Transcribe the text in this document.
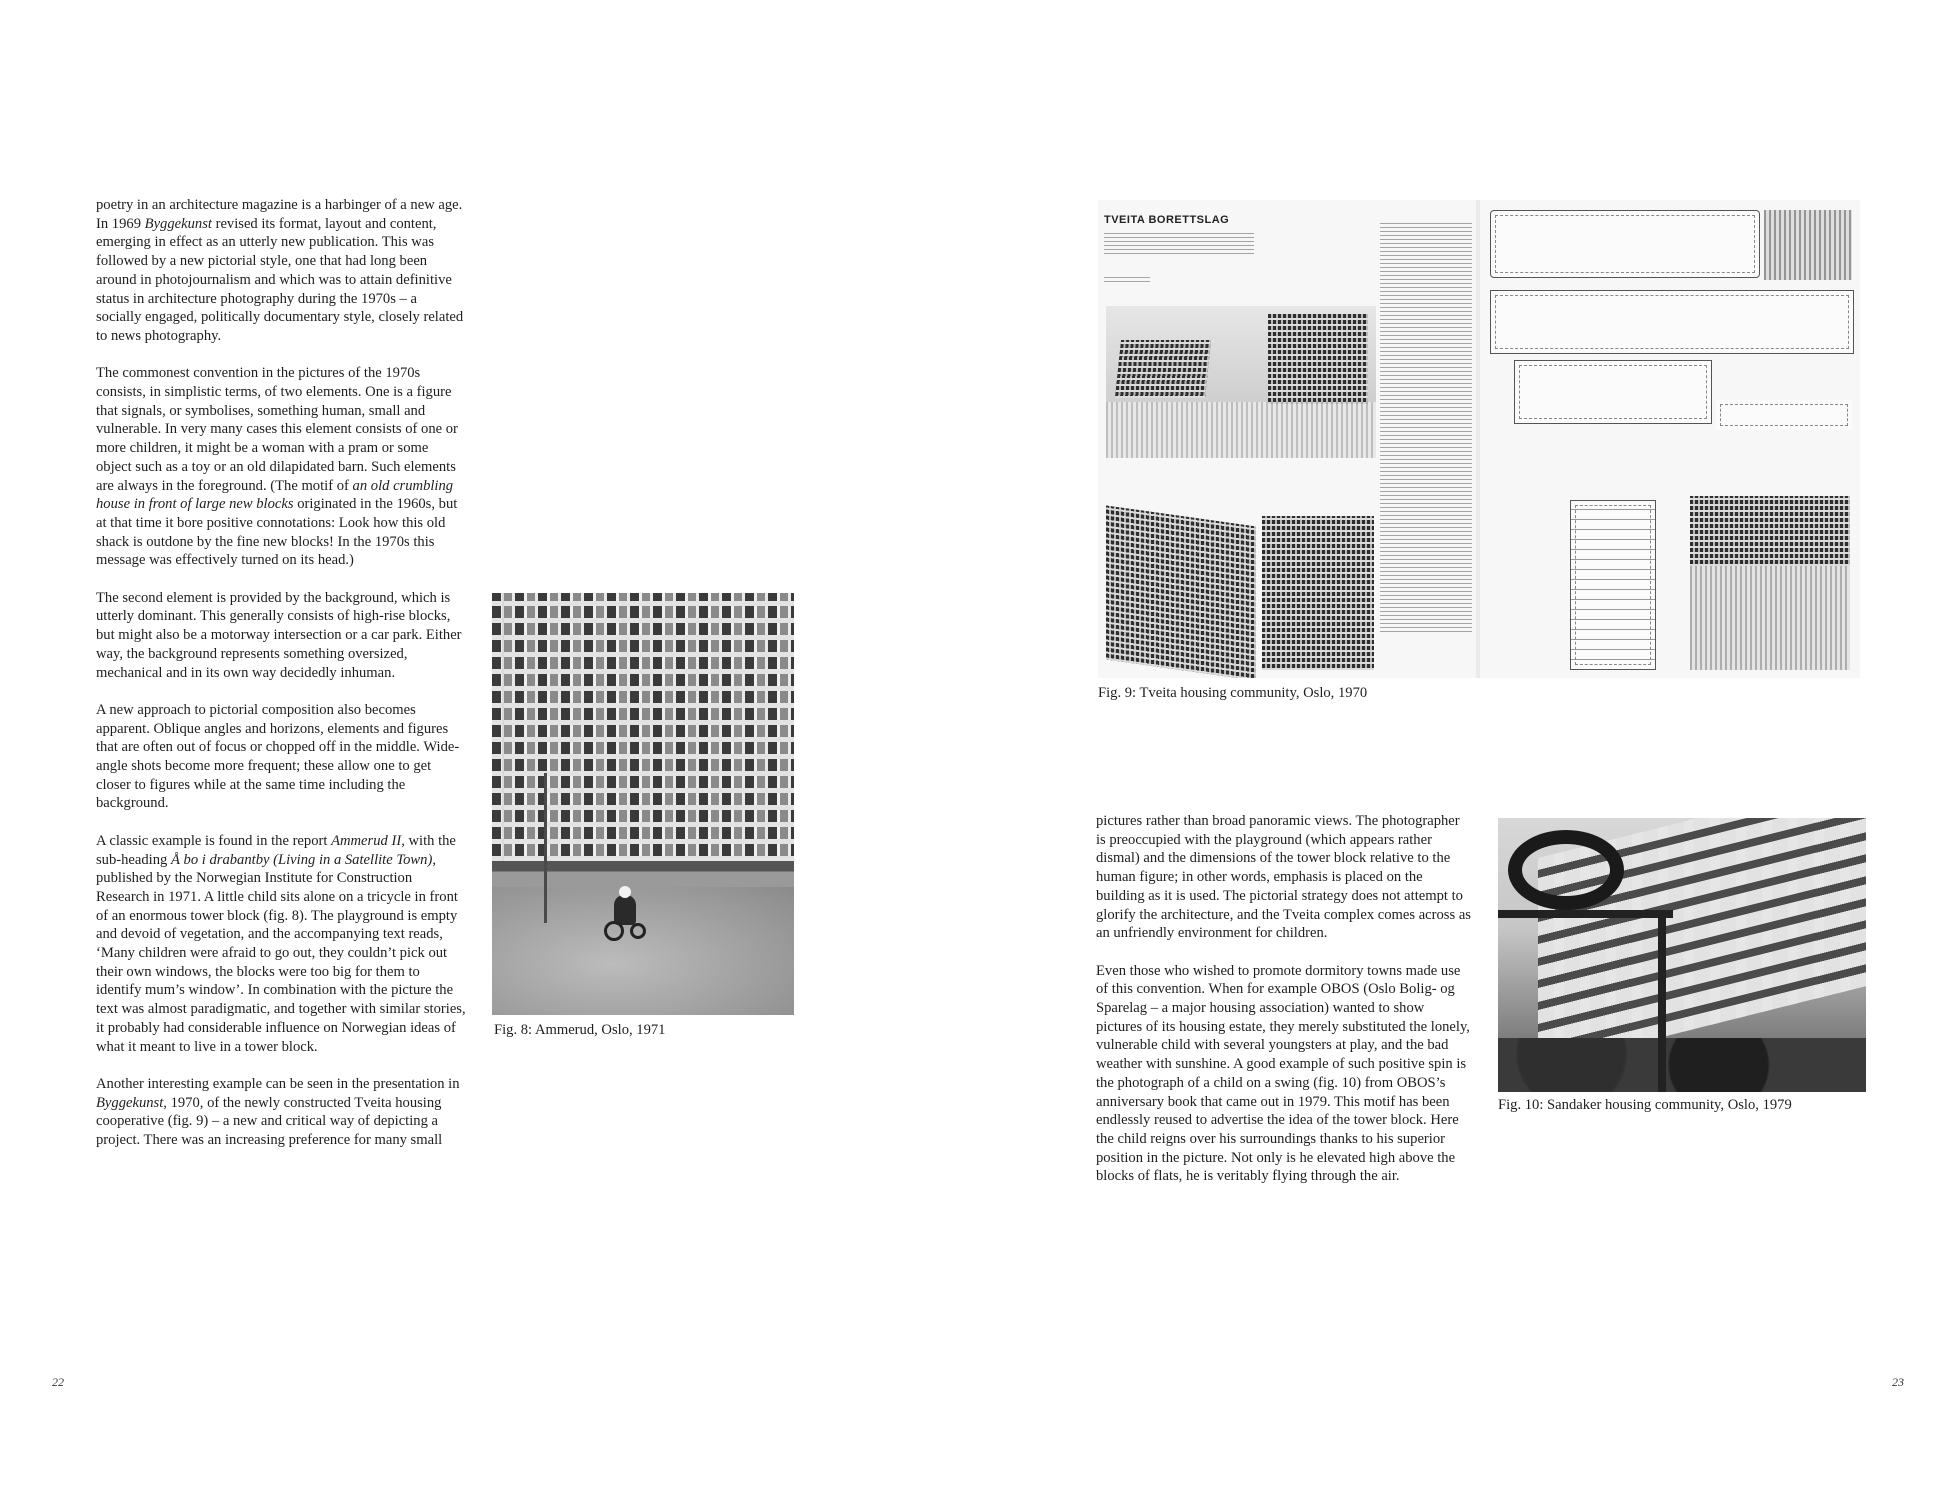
poetry in an architecture magazine is a harbinger of a new age. In 1969 Byggekunst revised its format, layout and content, emerging in effect as an utterly new publication. This was followed by a new pictorial style, one that had long been around in photojournalism and which was to attain definitive status in architecture photography during the 1970s – a socially engaged, politically documentary style, closely related to news photography.

The commonest convention in the pictures of the 1970s consists, in simplistic terms, of two elements. One is a figure that signals, or symbolises, something human, small and vulnerable. In very many cases this element consists of one or more children, it might be a woman with a pram or some object such as a toy or an old dilapidated barn. Such elements are always in the foreground. (The motif of an old crumbling house in front of large new blocks originated in the 1960s, but at that time it bore positive connotations: Look how this old shack is outdone by the fine new blocks! In the 1970s this message was effectively turned on its head.)

The second element is provided by the background, which is utterly dominant. This generally consists of high-rise blocks, but might also be a motorway intersection or a car park. Either way, the background represents something oversized, mechanical and in its own way decidedly inhuman.

A new approach to pictorial composition also becomes apparent. Oblique angles and horizons, elements and figures that are often out of focus or chopped off in the middle. Wide-angle shots become more frequent; these allow one to get closer to figures while at the same time including the background.

A classic example is found in the report Ammerud II, with the sub-heading Å bo i drabantby (Living in a Satellite Town), published by the Norwegian Institute for Construction Research in 1971. A little child sits alone on a tricycle in front of an enormous tower block (fig. 8). The playground is empty and devoid of vegetation, and the accompanying text reads, ‘Many children were afraid to go out, they couldn’t pick out their own windows, the blocks were too big for them to identify mum’s window’. In combination with the picture the text was almost paradigmatic, and together with similar stories, it probably had considerable influence on Norwegian ideas of what it meant to live in a tower block.

Another interesting example can be seen in the presentation in Byggekunst, 1970, of the newly constructed Tveita housing cooperative (fig. 9) – a new and critical way of depicting a project. There was an increasing preference for many small

Fig. 8: Ammerud, Oslo, 1971
22
TVEITA BORETTSLAG
Fig. 9: Tveita housing community, Oslo, 1970

pictures rather than broad panoramic views. The photographer is preoccupied with the playground (which appears rather dismal) and the dimensions of the tower block relative to the human figure; in other words, emphasis is placed on the building as it is used. The pictorial strategy does not attempt to glorify the architecture, and the Tveita complex comes across as an unfriendly environment for children.

Even those who wished to promote dormitory towns made use of this convention. When for example OBOS (Oslo Bolig- og Sparelag – a major housing association) wanted to show pictures of its housing estate, they merely substituted the lonely, vulnerable child with several youngsters at play, and the bad weather with sunshine. A good example of such positive spin is the photograph of a child on a swing (fig. 10) from OBOS’s anniversary book that came out in 1979. This motif has been endlessly reused to advertise the idea of the tower block. Here the child reigns over his surroundings thanks to his superior position in the picture. Not only is he elevated high above the blocks of flats, he is veritably flying through the air.

Fig. 10: Sandaker housing community, Oslo, 1979
23
